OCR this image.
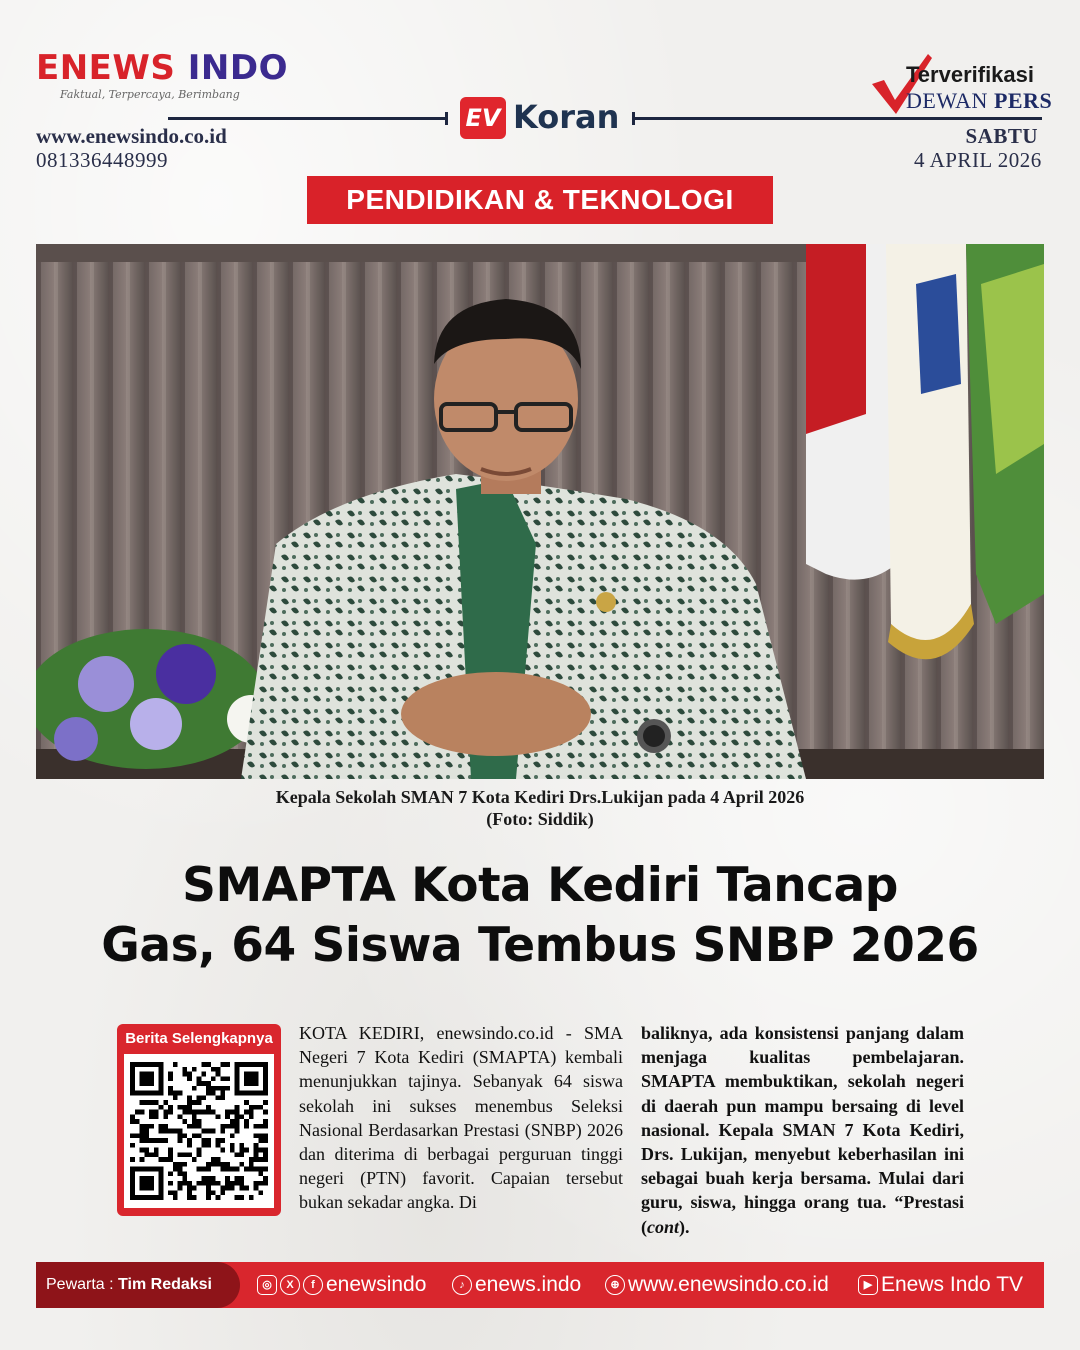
ENEWS INDO
Faktual, Terpercaya, Berimbang
www.enewsindo.co.id
081336448999
EV Koran
Terverifikasi
DEWAN PERS
SABTU
4 APRIL 2026
PENDIDIKAN & TEKNOLOGI
Kepala Sekolah SMAN 7 Kota Kediri Drs.Lukijan pada 4 April 2026
(Foto: Siddik)
SMAPTA Kota Kediri Tancap
Gas, 64 Siswa Tembus SNBP 2026
Berita Selengkapnya	KOTA KEDIRI, enewsindo.co.id - SMA Negeri 7 Kota Kediri (SMAPTA) kembali menunjukkan tajinya. Sebanyak 64 siswa sekolah ini sukses menembus Seleksi Nasional Berdasarkan Prestasi (SNBP) 2026 dan diterima di berbagai perguruan tinggi negeri (PTN) favorit. Capaian tersebut bukan sekadar angka. Di
baliknya, ada konsistensi panjang dalam menjaga kualitas pembelajaran. SMAPTA membuktikan, sekolah negeri di daerah pun mampu bersaing di level nasional. Kepala SMAN 7 Kota Kediri, Drs. Lukijan, menyebut keberhasilan ini sebagai buah kerja bersama. Mulai dari guru, siswa, hingga orang tua. “Prestasi (cont).
Pewarta : Tim Redaksi	◎	X	f enewsindo	♪ enews.indo	⊕ www.enewsindo.co.id	▶ Enews Indo TV
